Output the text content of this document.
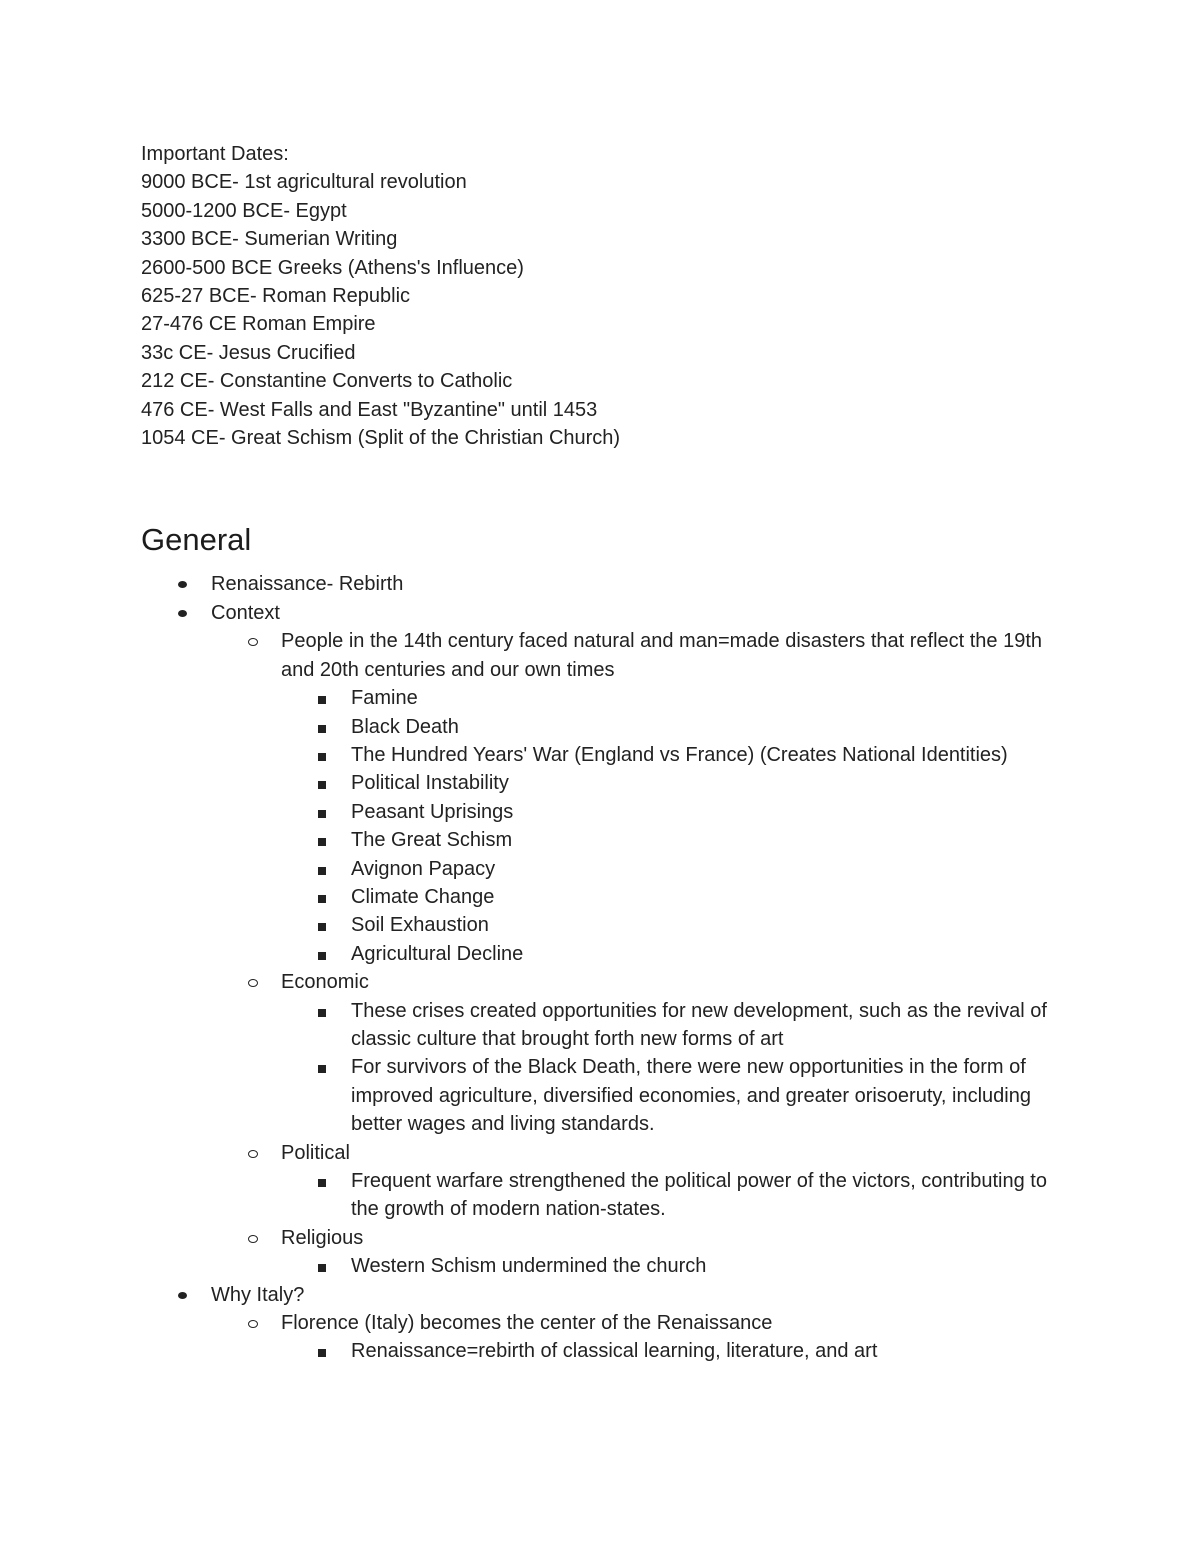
Important Dates:
9000 BCE- 1st agricultural revolution
5000-1200 BCE- Egypt
3300 BCE- Sumerian Writing
2600-500 BCE Greeks (Athens's Influence)
625-27 BCE- Roman Republic
27-476 CE Roman Empire
33c CE- Jesus Crucified
212 CE- Constantine Converts to Catholic
476 CE- West Falls and East "Byzantine" until 1453
1054 CE- Great Schism (Split of the Christian Church)
General
Renaissance- Rebirth
Context
People in the 14th century faced natural and man=made disasters that reflect the 19th and 20th centuries and our own times
Famine
Black Death
The Hundred Years' War (England vs France) (Creates National Identities)
Political Instability
Peasant Uprisings
The Great Schism
Avignon Papacy
Climate Change
Soil Exhaustion
Agricultural Decline
Economic
These crises created opportunities for new development, such as the revival of classic culture that brought forth new forms of art
For survivors of the Black Death, there were new opportunities in the form of improved agriculture, diversified economies, and greater orisoeruty, including better wages and living standards.
Political
Frequent warfare strengthened the political power of the victors, contributing to the growth of modern nation-states.
Religious
Western Schism undermined the church
Why Italy?
Florence (Italy) becomes the center of the Renaissance
Renaissance=rebirth of classical learning, literature, and art
